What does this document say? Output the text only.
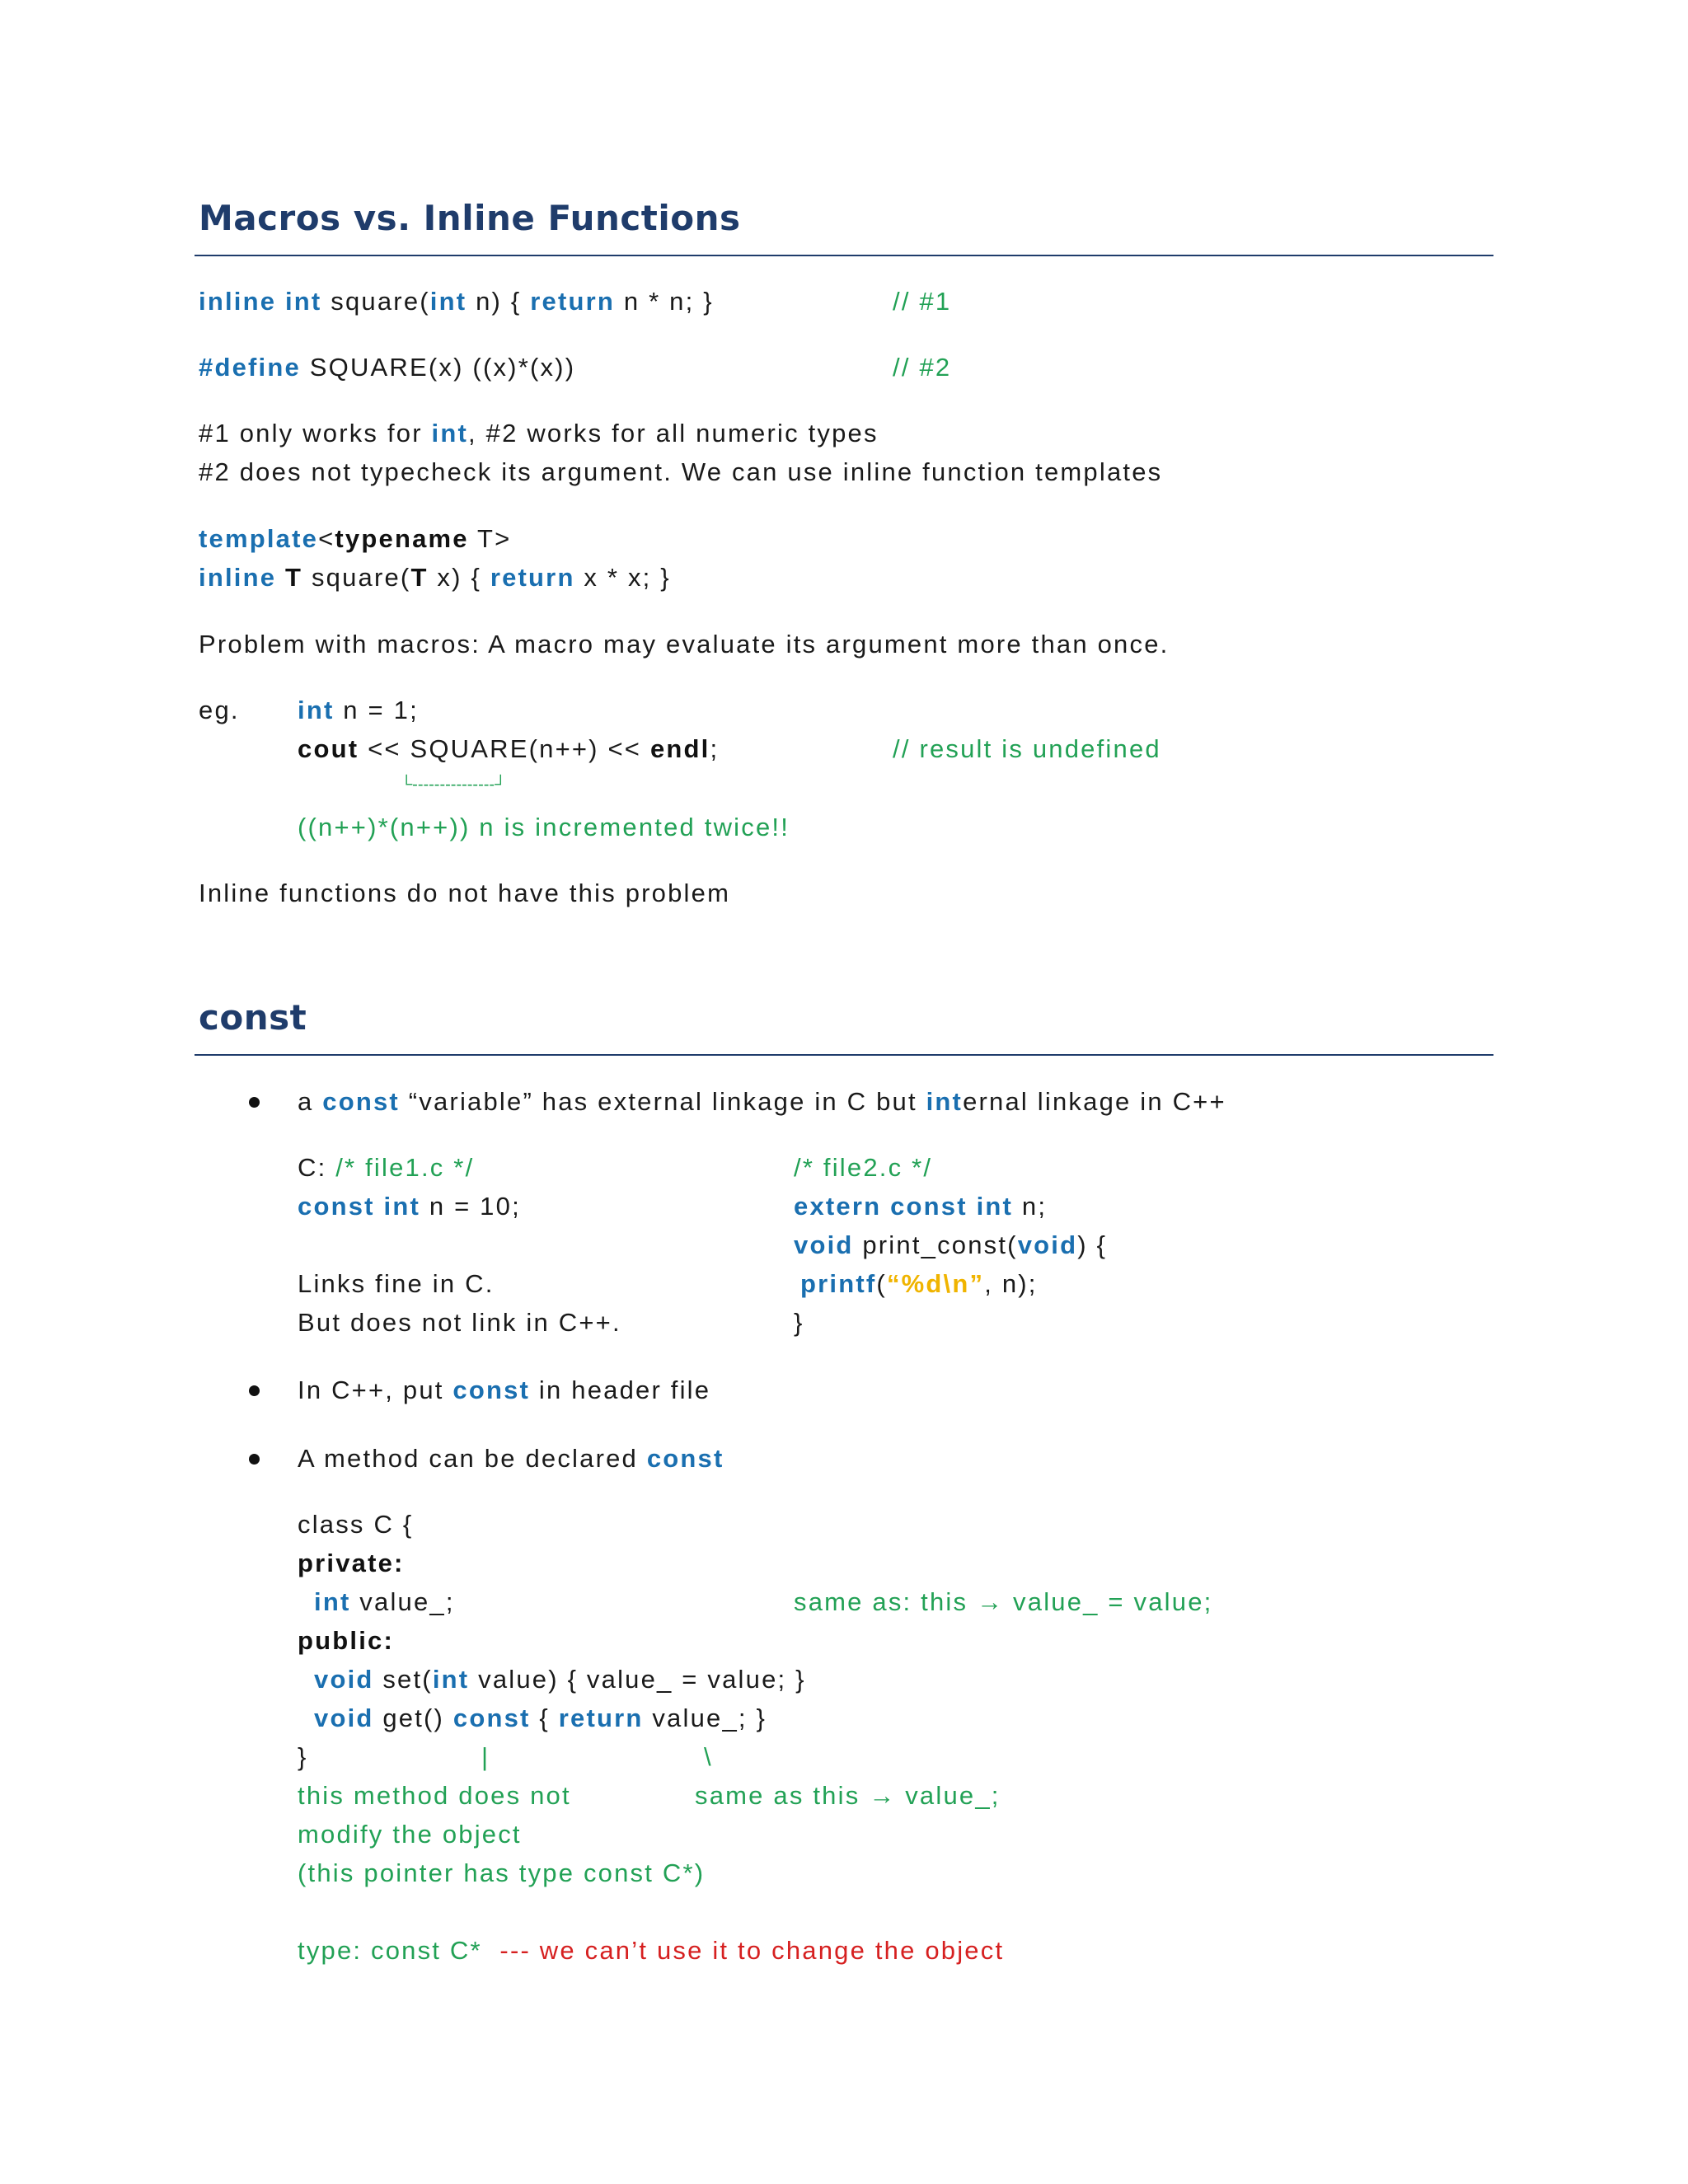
Macros vs. Inline Functions
inline int square(int n) { return n * n; }	// #1
#define SQUARE(x) ((x)*(x))	// #2
#1 only works for int, #2 works for all numeric types
#2 does not typecheck its argument. We can use inline function templates
template<typename T>
inline T square(T x) { return x * x; }
Problem with macros: A macro may evaluate its argument more than once.
eg. int n = 1;
cout << SQUARE(n++) << endl;	// result is undefined
└---------------┘
((n++)*(n++)) n is incremented twice!!
Inline functions do not have this problem
const
a const “variable” has external linkage in C but internal linkage in C++
C: /* file1.c */
const int n = 10;
Links fine in C.
But does not link in C++.
/* file2.c */
extern const int n;
void print_const(void) {
printf(“%d\n”, n);
}
In C++, put const in header file
A method can be declared const
class C {
private:
int value_;	same as: this → value_ = value;
public:
void set(int value) { value_ = value; }
void get() const { return value_; }
}	|	\
this method does not	same as this → value_;
modify the object
(this pointer has type const C*)
type: const C* --- we can’t use it to change the object
